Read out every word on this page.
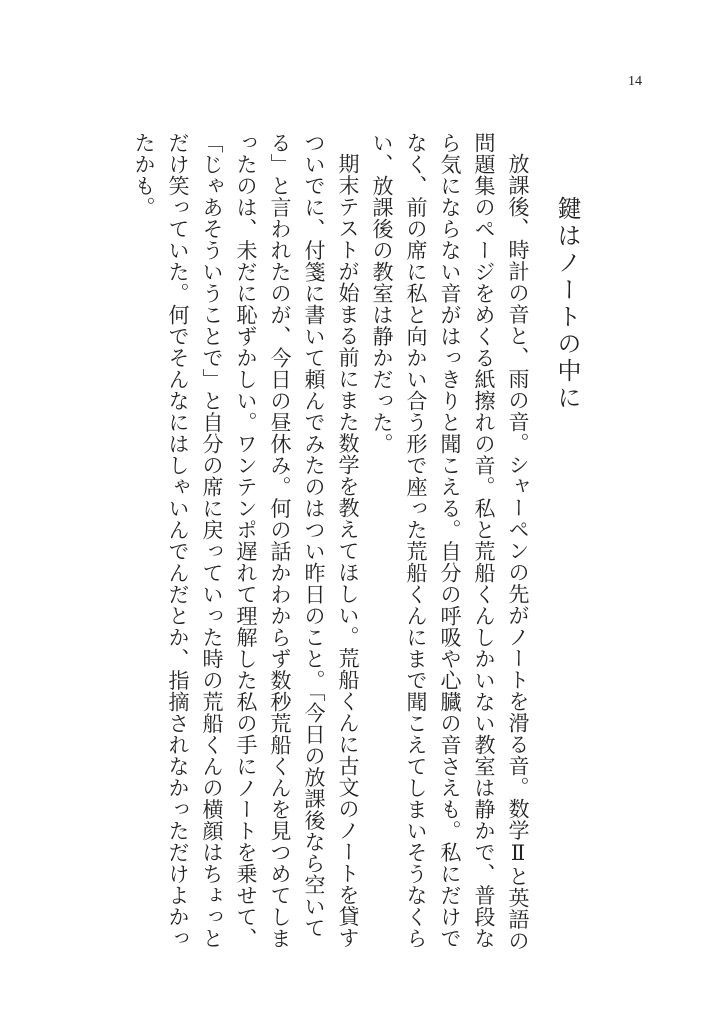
14
鍵はノートの中に

放課後、時計の音と、雨の音。シャーペンの先がノートを滑る音。数学Ⅱと英語の問題集のページをめくる紙擦れの音。私と荒船くんしかいない教室は静かで、普段なら気にならない音がはっきりと聞こえる。自分の呼吸や心臓の音さえも。私にだけでなく、前の席に私と向かい合う形で座った荒船くんにまで聞こえてしまいそうなくらい、放課後の教室は静かだった。

期末テストが始まる前にまた数学を教えてほしい。荒船くんに古文のノートを貸すついでに、付箋に書いて頼んでみたのはつい昨日のこと。「今日の放課後なら空いてる」と言われたのが、今日の昼休み。何の話かわからず数秒荒船くんを見つめてしまったのは、未だに恥ずかしい。ワンテンポ遅れて理解した私の手にノートを乗せて、「じゃあそういうことで」と自分の席に戻っていった時の荒船くんの横顔はちょっとだけ笑っていた。何でそんなにはしゃいんでんだとか、指摘されなかっただけよかったかも。
